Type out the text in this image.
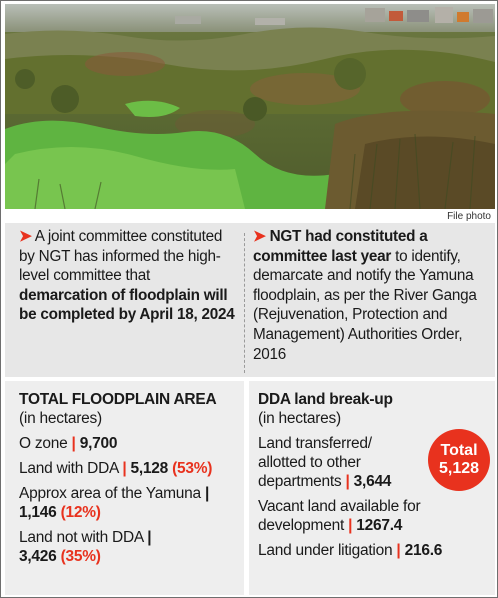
File photo
➤ A joint committee constituted by NGT has informed the high-level committee that demarcation of floodplain will be completed by April 18, 2024
➤ NGT had constituted a committee last year to identify, demarcate and notify the Yamuna floodplain, as per the River Ganga (Rejuvenation, Protection and Management) Authorities Order, 2016
TOTAL FLOODPLAIN AREA
(in hectares)
O zone | 9,700
Land with DDA | 5,128 (53%)
Approx area of the Yamuna |
1,146 (12%)
Land not with DDA |
3,426 (35%)
DDA land break-up
(in hectares)
Land transferred/ allotted to other departments | 3,644
Vacant land available for development | 1267.4
Land under litigation | 216.6
Total
5,128
